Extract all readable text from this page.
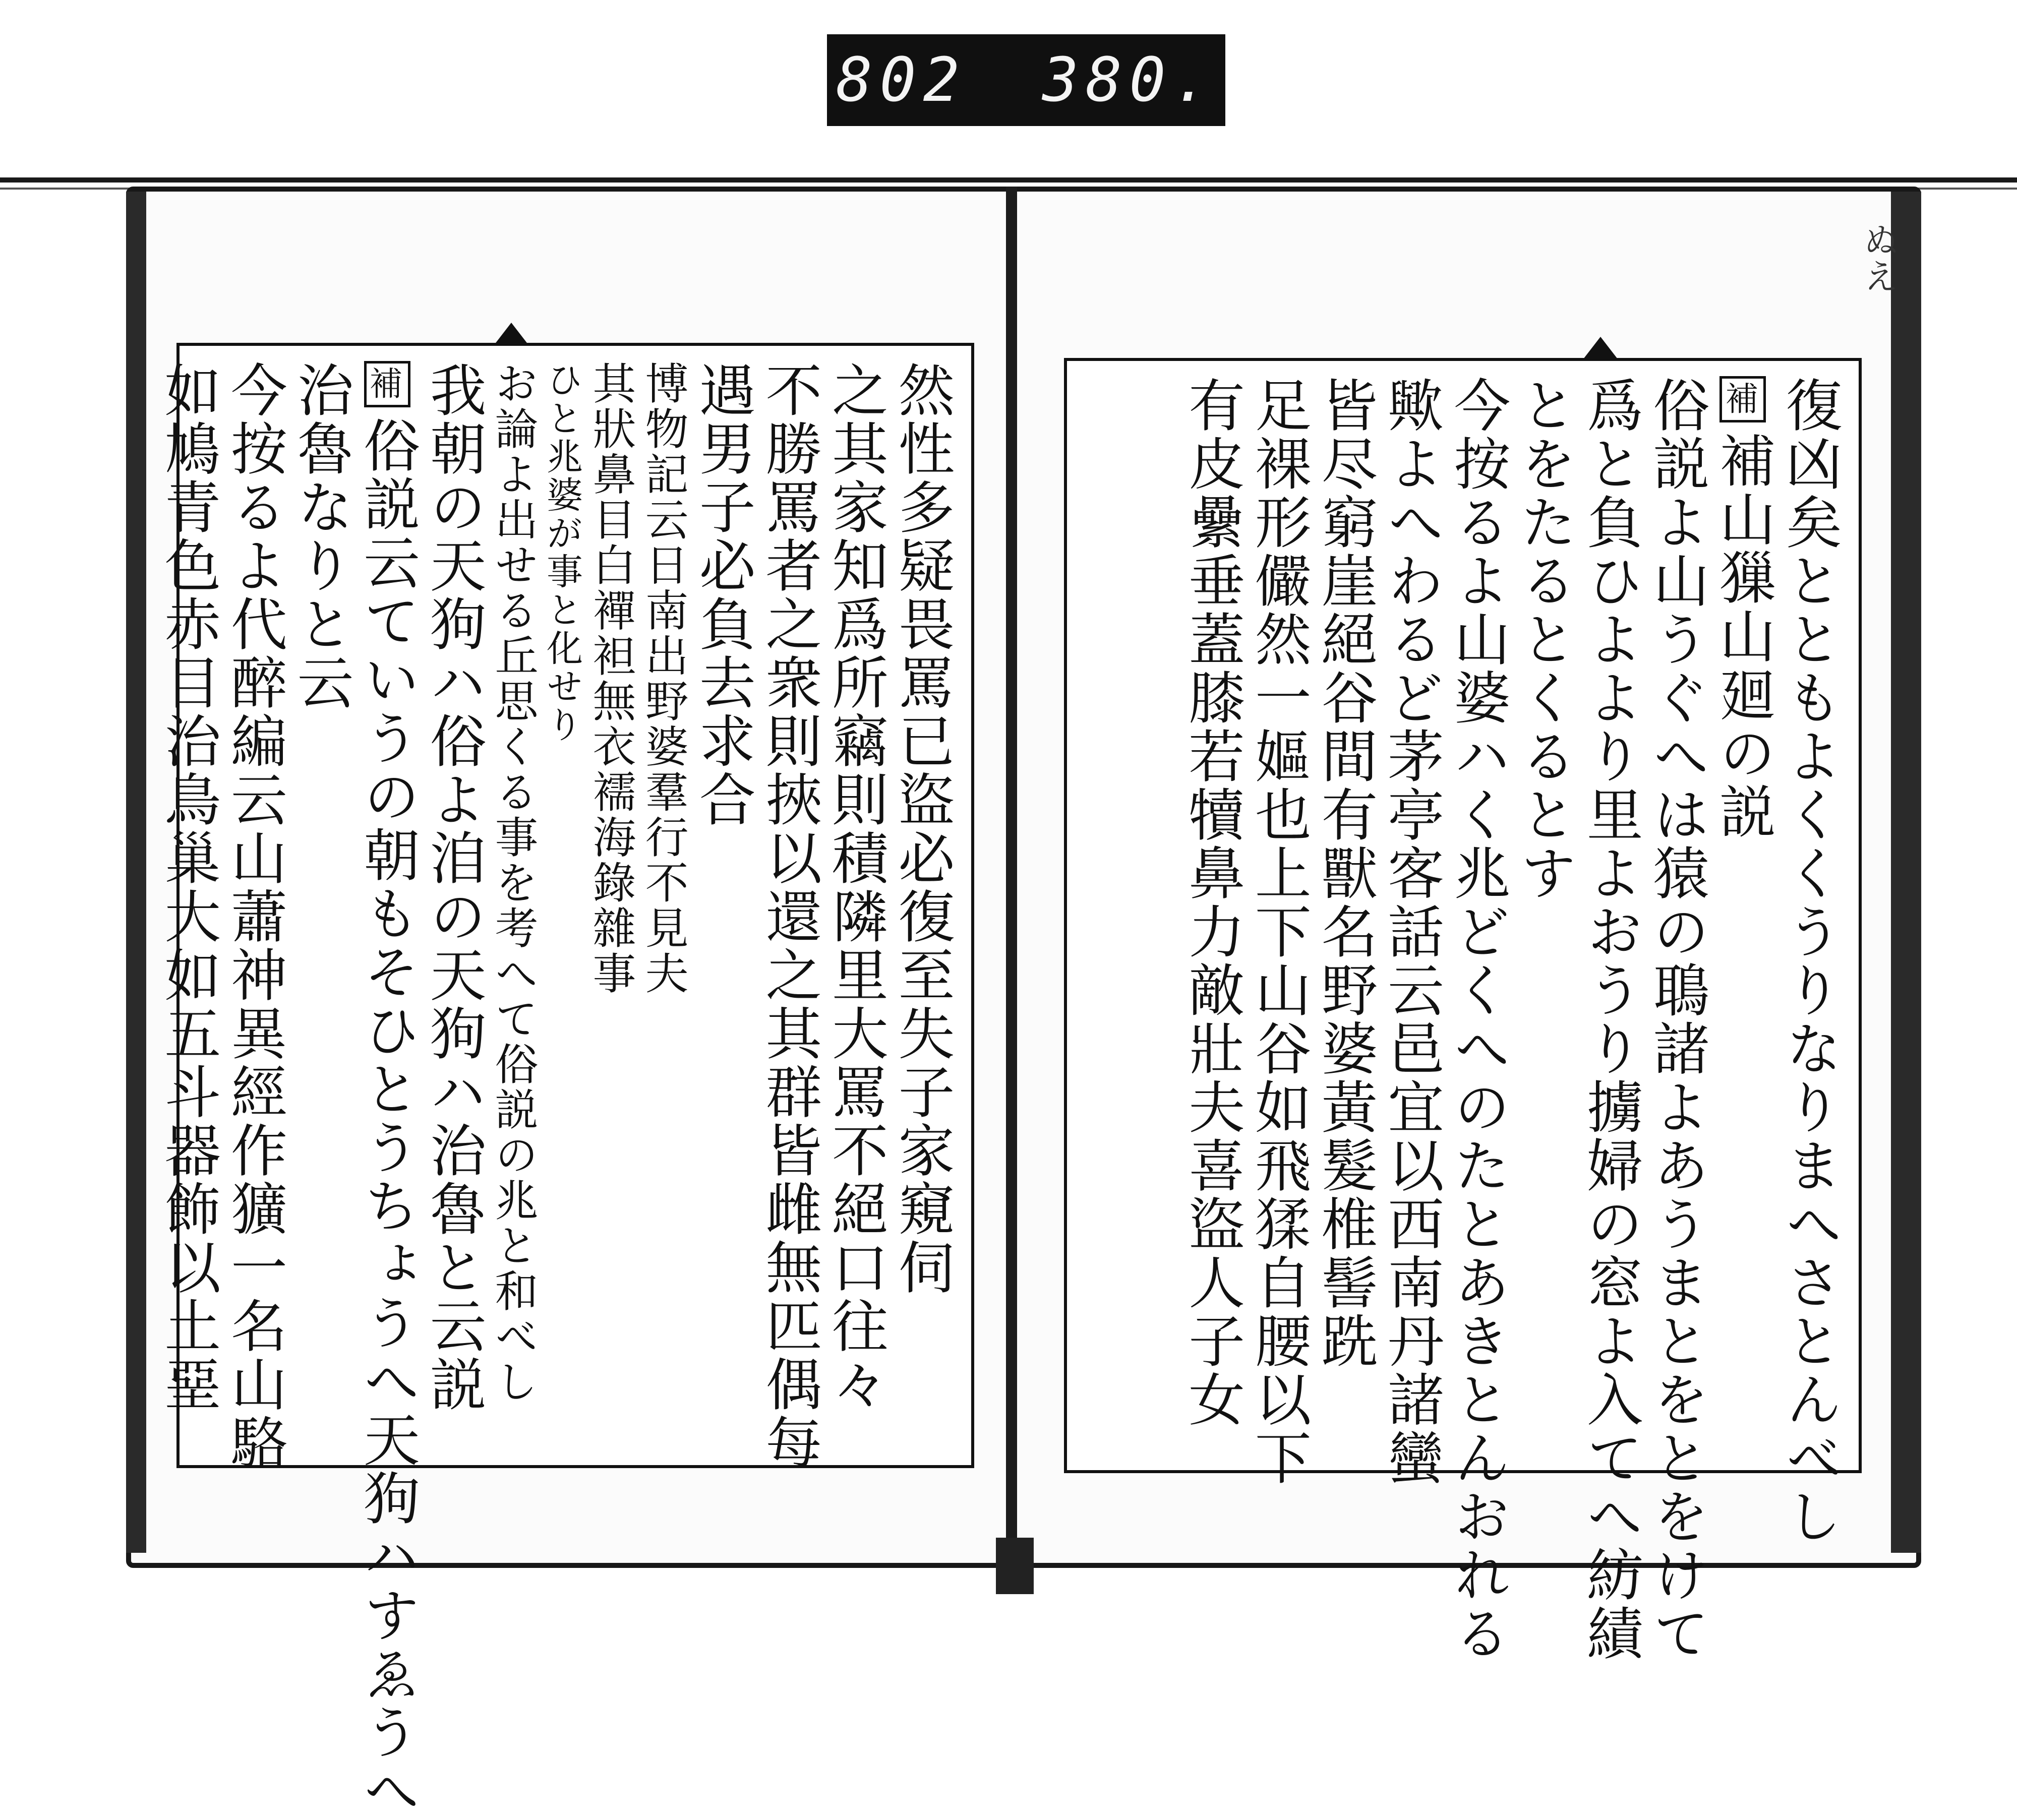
802 380.
然性多疑畏罵已盜必復至失子家窺伺
之其家知爲所竊則積隣里大罵不絕口往々
不勝罵者之衆則挾以還之其群皆雌無匹偶每
遇男子必負去求合
博物記云日南出野婆羣行不見夫
其狀鼻目白襌袒無衣襦海錄雜事
ひと兆婆が事と化せり
お論よ出せる丘思くる事を考へて俗説の兆と和べし
我朝の天狗ハ俗よ洎の天狗ハ治魯と云説
補俗説云ていうの朝もそひとうちょうへ天狗ハすゑうへ
治魯なりと云
今按るよ代醉編云山蕭神異經作獷一名山駱
如鳩青色赤目治鳥巢大如五斗器飾以土堊
ぬえ
復凶矣とともよくくうりなりまへさとんべし
補補山㺐山廻の説
俗説よ山うぐへは猿の鵈諸よあうまとをとをけて
爲と負ひよより里よおうり擄婦の窓よ入てへ紡績
とをたるとくるとす
今按るよ山婆ハく兆どくへのたとあきとんおれる
歟よへわるど茅亭客話云邑宜以西南丹諸蠻
皆尽窮崖絕谷間有獸名野婆黃髮椎髻跣
足裸形儼然一嫗也上下山谷如飛猱自腰以下
有皮纍垂蓋膝若犢鼻力敵壯夫喜盜人子女
